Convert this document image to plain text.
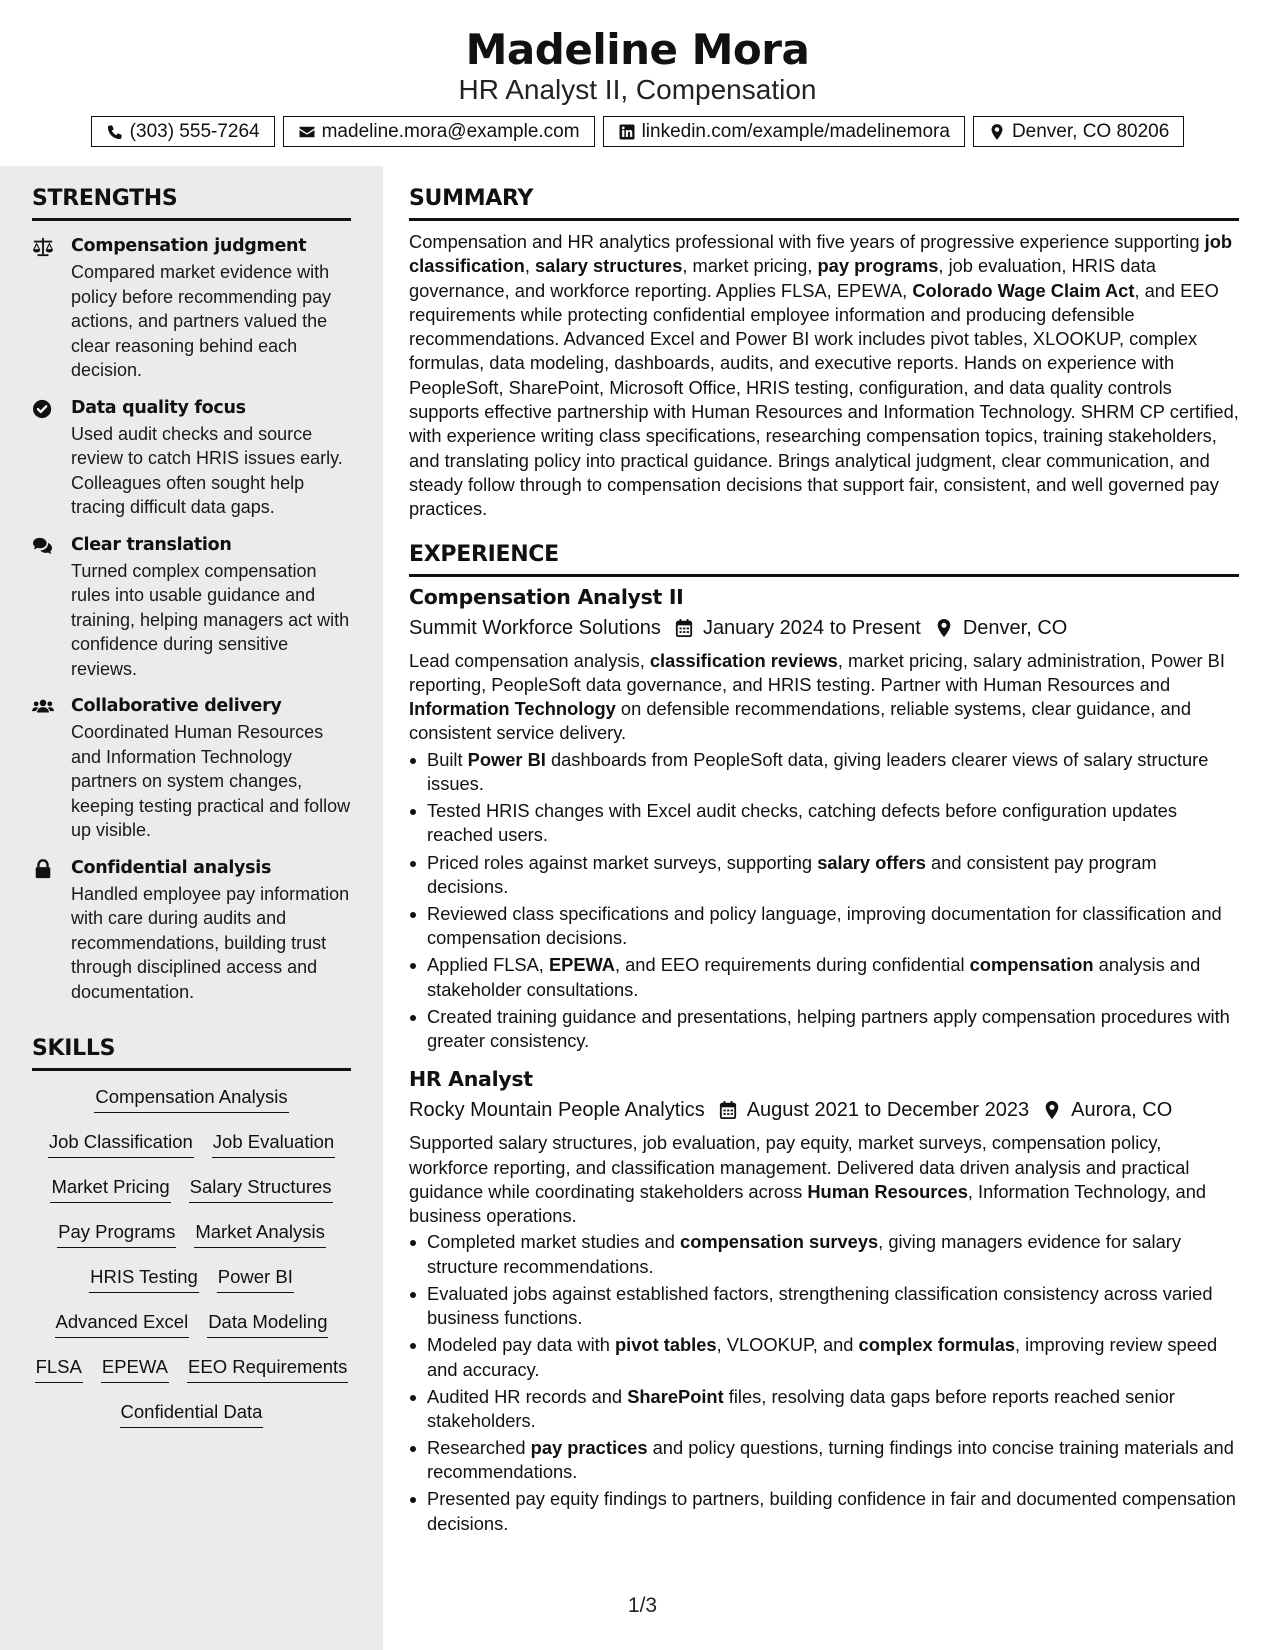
Madeline Mora
HR Analyst II, Compensation
(303) 555-7264	madeline.mora@example.com	linkedin.com/example/madelinemora	Denver, CO 80206
STRENGTHS
Compensation judgment
Compared market evidence with policy before recommending pay actions, and partners valued the clear reasoning behind each decision.
Data quality focus
Used audit checks and source review to catch HRIS issues early. Colleagues often sought help tracing difficult data gaps.
Clear translation
Turned complex compensation rules into usable guidance and training, helping managers act with confidence during sensitive reviews.
Collaborative delivery
Coordinated Human Resources and Information Technology partners on system changes, keeping testing practical and follow up visible.
Confidential analysis
Handled employee pay information with care during audits and recommendations, building trust through disciplined access and documentation.
SKILLS
Compensation Analysis
Job Classification Job Evaluation
Market Pricing Salary Structures
Pay Programs Market Analysis
HRIS Testing Power BI
Advanced Excel Data Modeling
FLSA EPEWA EEO Requirements
Confidential Data
SUMMARY
Compensation and HR analytics professional with five years of progressive experience supporting job classification, salary structures, market pricing, pay programs, job evaluation, HRIS data governance, and workforce reporting. Applies FLSA, EPEWA, Colorado Wage Claim Act, and EEO requirements while protecting confidential employee information and producing defensible recommendations. Advanced Excel and Power BI work includes pivot tables, XLOOKUP, complex formulas, data modeling, dashboards, audits, and executive reports. Hands on experience with PeopleSoft, SharePoint, Microsoft Office, HRIS testing, configuration, and data quality controls supports effective partnership with Human Resources and Information Technology. SHRM CP certified, with experience writing class specifications, researching compensation topics, training stakeholders, and translating policy into practical guidance. Brings analytical judgment, clear communication, and steady follow through to compensation decisions that support fair, consistent, and well governed pay practices.
EXPERIENCE
Compensation Analyst II
Summit Workforce Solutions January 2024 to Present Denver, CO
Lead compensation analysis, classification reviews, market pricing, salary administration, Power BI reporting, PeopleSoft data governance, and HRIS testing. Partner with Human Resources and Information Technology on defensible recommendations, reliable systems, clear guidance, and consistent service delivery.
Built Power BI dashboards from PeopleSoft data, giving leaders clearer views of salary structure issues.
Tested HRIS changes with Excel audit checks, catching defects before configuration updates reached users.
Priced roles against market surveys, supporting salary offers and consistent pay program decisions.
Reviewed class specifications and policy language, improving documentation for classification and compensation decisions.
Applied FLSA, EPEWA, and EEO requirements during confidential compensation analysis and stakeholder consultations.
Created training guidance and presentations, helping partners apply compensation procedures with greater consistency.
HR Analyst
Rocky Mountain People Analytics August 2021 to December 2023 Aurora, CO
Supported salary structures, job evaluation, pay equity, market surveys, compensation policy, workforce reporting, and classification management. Delivered data driven analysis and practical guidance while coordinating stakeholders across Human Resources, Information Technology, and business operations.
Completed market studies and compensation surveys, giving managers evidence for salary structure recommendations.
Evaluated jobs against established factors, strengthening classification consistency across varied business functions.
Modeled pay data with pivot tables, VLOOKUP, and complex formulas, improving review speed and accuracy.
Audited HR records and SharePoint files, resolving data gaps before reports reached senior stakeholders.
Researched pay practices and policy questions, turning findings into concise training materials and recommendations.
Presented pay equity findings to partners, building confidence in fair and documented compensation decisions.
1/3
